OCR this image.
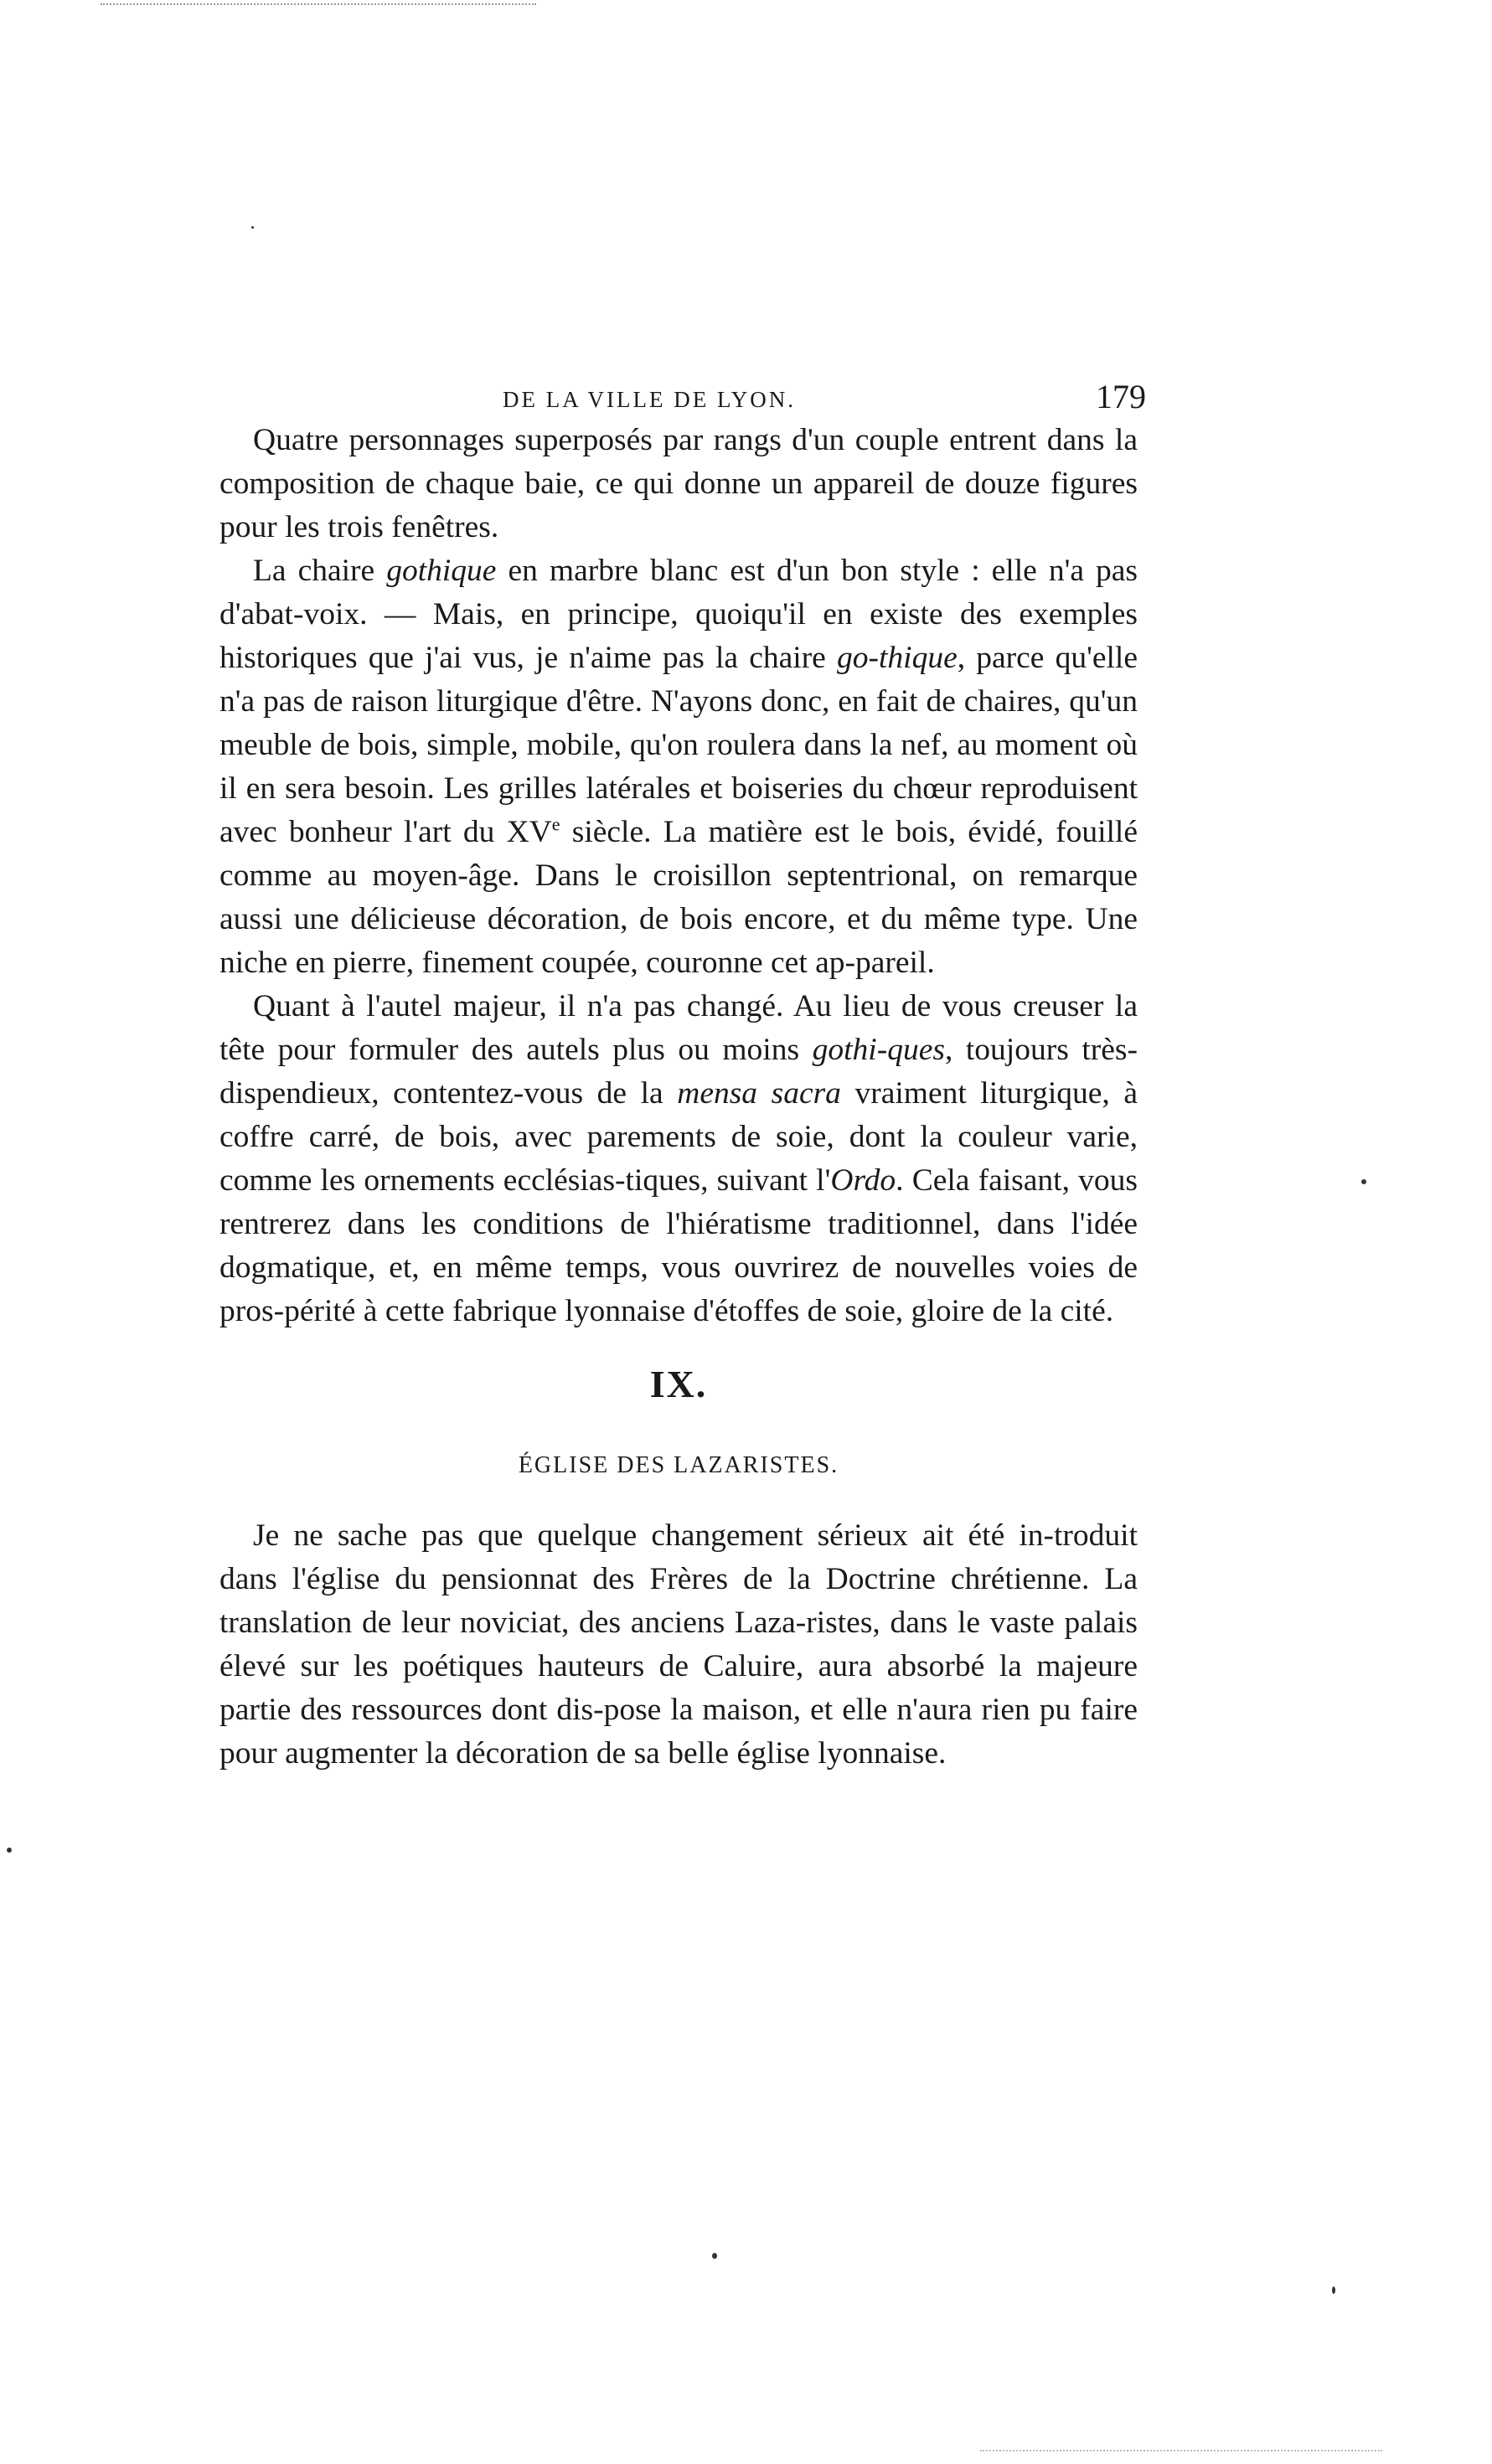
DE LA VILLE DE LYON.	179

Quatre personnages superposés par rangs d'un couple entrent dans la composition de chaque baie, ce qui donne un appareil de douze figures pour les trois fenêtres.

La chaire gothique en marbre blanc est d'un bon style : elle n'a pas d'abat-voix. — Mais, en principe, quoiqu'il en existe des exemples historiques que j'ai vus, je n'aime pas la chaire go-thique, parce qu'elle n'a pas de raison liturgique d'être. N'ayons donc, en fait de chaires, qu'un meuble de bois, simple, mobile, qu'on roulera dans la nef, au moment où il en sera besoin. Les grilles latérales et boiseries du chœur reproduisent avec bonheur l'art du XVe siècle. La matière est le bois, évidé, fouillé comme au moyen-âge. Dans le croisillon septentrional, on remarque aussi une délicieuse décoration, de bois encore, et du même type. Une niche en pierre, finement coupée, couronne cet ap-pareil.

Quant à l'autel majeur, il n'a pas changé. Au lieu de vous creuser la tête pour formuler des autels plus ou moins gothi-ques, toujours très-dispendieux, contentez-vous de la mensa sacra vraiment liturgique, à coffre carré, de bois, avec parements de soie, dont la couleur varie, comme les ornements ecclésias-tiques, suivant l'Ordo. Cela faisant, vous rentrerez dans les conditions de l'hiératisme traditionnel, dans l'idée dogmatique, et, en même temps, vous ouvrirez de nouvelles voies de pros-périté à cette fabrique lyonnaise d'étoffes de soie, gloire de la cité.

IX.
ÉGLISE DES LAZARISTES.

Je ne sache pas que quelque changement sérieux ait été in-troduit dans l'église du pensionnat des Frères de la Doctrine chrétienne. La translation de leur noviciat, des anciens Laza-ristes, dans le vaste palais élevé sur les poétiques hauteurs de Caluire, aura absorbé la majeure partie des ressources dont dis-pose la maison, et elle n'aura rien pu faire pour augmenter la décoration de sa belle église lyonnaise.
